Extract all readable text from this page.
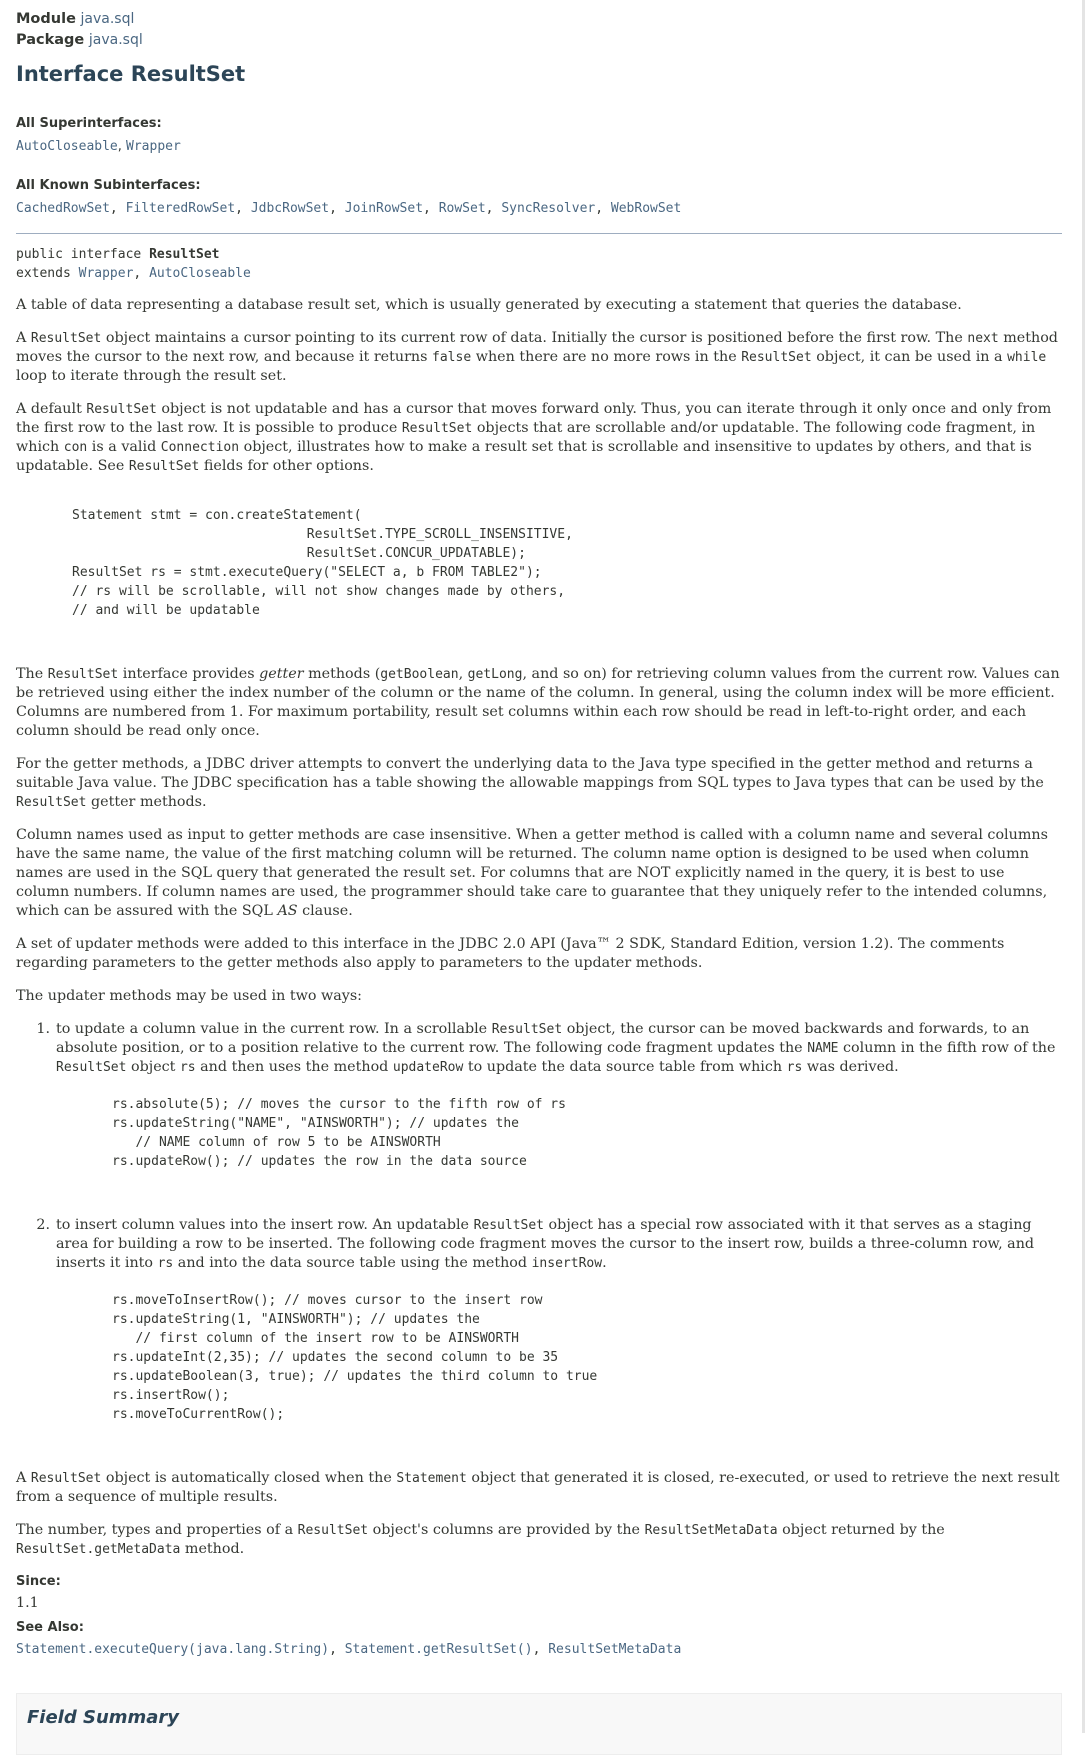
Module java.sql
Package java.sql
Interface ResultSet
All Superinterfaces:
AutoCloseable, Wrapper
All Known Subinterfaces:
CachedRowSet, FilteredRowSet, JdbcRowSet, JoinRowSet, RowSet, SyncResolver, WebRowSet
public interface ResultSet
extends Wrapper, AutoCloseable

A table of data representing a database result set, which is usually generated by executing a statement that queries the database.

A ResultSet object maintains a cursor pointing to its current row of data. Initially the cursor is positioned before the first row. The next method moves the cursor to the next row, and because it returns false when there are no more rows in the ResultSet object, it can be used in a while loop to iterate through the result set.

A default ResultSet object is not updatable and has a cursor that moves forward only. Thus, you can iterate through it only once and only from the first row to the last row. It is possible to produce ResultSet objects that are scrollable and/or updatable. The following code fragment, in which con is a valid Connection object, illustrates how to make a result set that is scrollable and insensitive to updates by others, and that is updatable. See ResultSet fields for other options.

Statement stmt = con.createStatement(
ResultSet.TYPE_SCROLL_INSENSITIVE,
ResultSet.CONCUR_UPDATABLE);
ResultSet rs = stmt.executeQuery("SELECT a, b FROM TABLE2");
// rs will be scrollable, will not show changes made by others,
// and will be updatable

The ResultSet interface provides getter methods (getBoolean, getLong, and so on) for retrieving column values from the current row. Values can be retrieved using either the index number of the column or the name of the column. In general, using the column index will be more efficient. Columns are numbered from 1. For maximum portability, result set columns within each row should be read in left-to-right order, and each column should be read only once.

For the getter methods, a JDBC driver attempts to convert the underlying data to the Java type specified in the getter method and returns a suitable Java value. The JDBC specification has a table showing the allowable mappings from SQL types to Java types that can be used by the ResultSet getter methods.

Column names used as input to getter methods are case insensitive. When a getter method is called with a column name and several columns have the same name, the value of the first matching column will be returned. The column name option is designed to be used when column names are used in the SQL query that generated the result set. For columns that are NOT explicitly named in the query, it is best to use column numbers. If column names are used, the programmer should take care to guarantee that they uniquely refer to the intended columns, which can be assured with the SQL AS clause.

A set of updater methods were added to this interface in the JDBC 2.0 API (Java™ 2 SDK, Standard Edition, version 1.2). The comments regarding parameters to the getter methods also apply to parameters to the updater methods.

The updater methods may be used in two ways:

1. to update a column value in the current row. In a scrollable ResultSet object, the cursor can be moved backwards and forwards, to an absolute position, or to a position relative to the current row. The following code fragment updates the NAME column in the fifth row of the ResultSet object rs and then uses the method updateRow to update the data source table from which rs was derived.
rs.absolute(5); // moves the cursor to the fifth row of rs
rs.updateString("NAME", "AINSWORTH"); // updates the
// NAME column of row 5 to be AINSWORTH
rs.updateRow(); // updates the row in the data source
2. to insert column values into the insert row. An updatable ResultSet object has a special row associated with it that serves as a staging area for building a row to be inserted. The following code fragment moves the cursor to the insert row, builds a three-column row, and inserts it into rs and into the data source table using the method insertRow.
rs.moveToInsertRow(); // moves cursor to the insert row
rs.updateString(1, "AINSWORTH"); // updates the
// first column of the insert row to be AINSWORTH
rs.updateInt(2,35); // updates the second column to be 35
rs.updateBoolean(3, true); // updates the third column to true
rs.insertRow();
rs.moveToCurrentRow();

A ResultSet object is automatically closed when the Statement object that generated it is closed, re-executed, or used to retrieve the next result from a sequence of multiple results.

The number, types and properties of a ResultSet object's columns are provided by the ResultSetMetaData object returned by the ResultSet.getMetaData method.

Since:
1.1
See Also:
Statement.executeQuery(java.lang.String), Statement.getResultSet(), ResultSetMetaData
Field Summary
